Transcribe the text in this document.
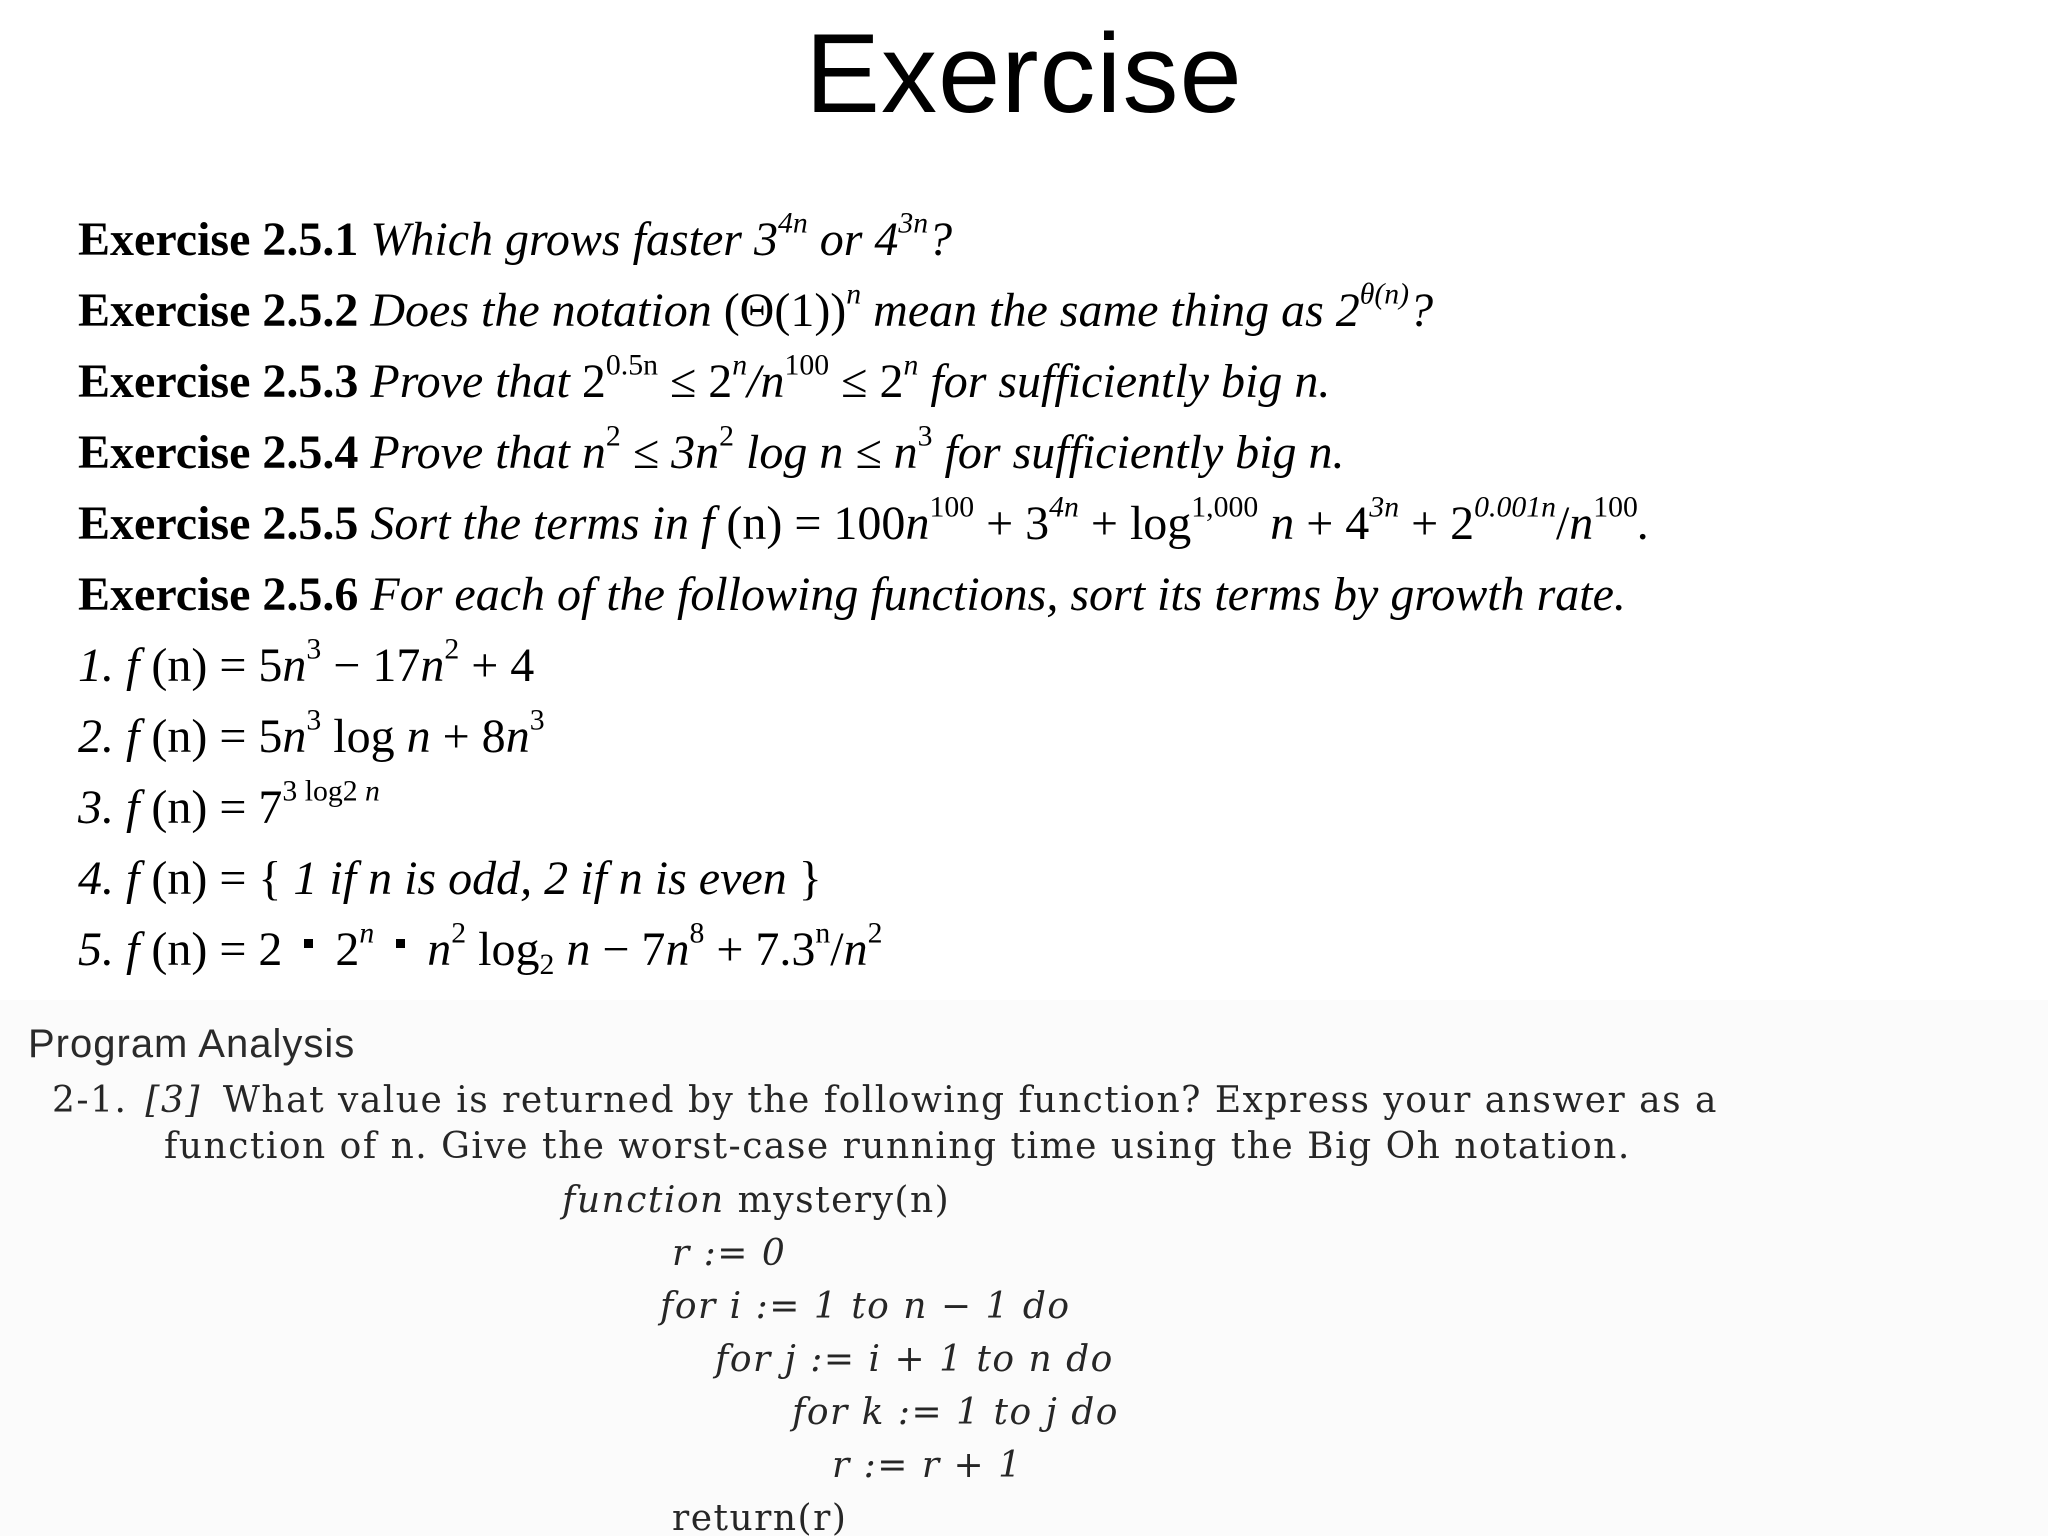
Exercise
Exercise 2.5.1 Which grows faster $3^{4n}$ or $4^{3n}$?
Exercise 2.5.2 Does the notation $(\Theta(1))^n$ mean the same thing as $2^{\theta(n)}$?
Exercise 2.5.3 Prove that $2^{0.5n} \le 2^n/n^{100} \le 2^n$ for sufficiently big n.
Exercise 2.5.4 Prove that $n^2 \le 3n^2$ $\log n \le n^3$ for sufficiently big n.
Exercise 2.5.5 Sort the terms in f $(n) = 100n^{100} + 3^{4n} + \log^{1,000} n + 4^{3n} + 2^{0.001n}/n^{100}$.
Exercise 2.5.6 For each of the following functions, sort its terms by growth rate.
1. f $(n) = 5n^3 - 17n^2 + 4$
2. f $(n) = 5n^3$ $\log n + 8n^3$
3. f $(n) = 7^{3 log2 n}$
4. f (n) = { 1 if n is odd, 2 if n is even }
5. f (n) = 2 2$^n$ $n^2$ $\log_2 n - 7n^8 + 7.3^n/n^2$
Program Analysis
2-1. [3] What value is returned by the following function? Express your answer as a
function of n. Give the worst-case running time using the Big Oh notation.
function mystery(n)
r := 0
for i := 1 to n − 1 do
for j := i + 1 to n do
for k := 1 to j do
r := r + 1
return(r)
